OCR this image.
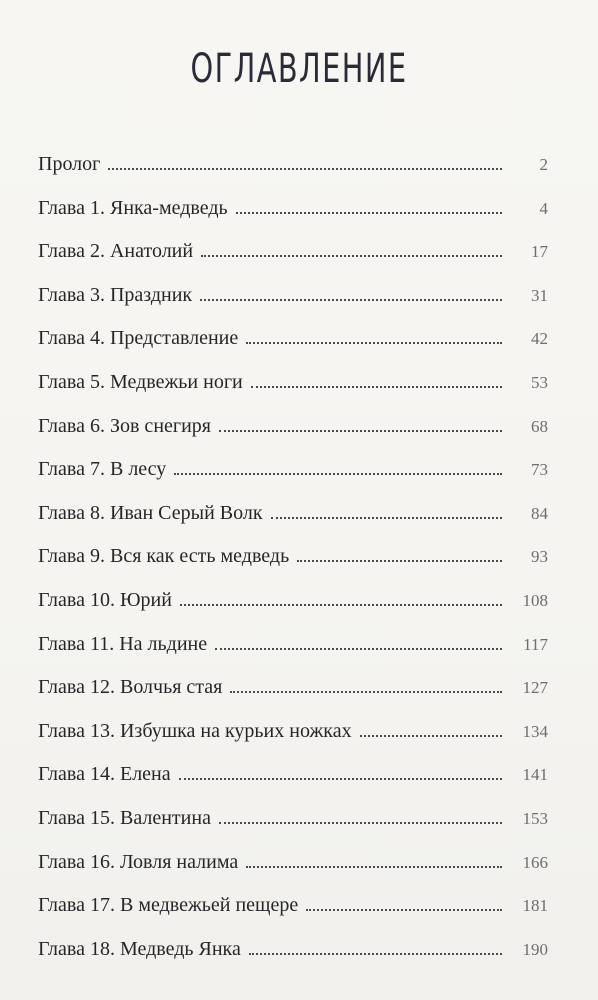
ОГЛАВЛЕНИЕ
Пролог	2
Глава 1. Янка-медведь	4
Глава 2. Анатолий	17
Глава 3. Праздник	31
Глава 4. Представление	42
Глава 5. Медвежьи ноги	53
Глава 6. Зов снегиря	68
Глава 7. В лесу	73
Глава 8. Иван Серый Волк	84
Глава 9. Вся как есть медведь	93
Глава 10. Юрий	108
Глава 11. На льдине	117
Глава 12. Волчья стая	127
Глава 13. Избушка на курьих ножках	134
Глава 14. Елена	141
Глава 15. Валентина	153
Глава 16. Ловля налима	166
Глава 17. В медвежьей пещере	181
Глава 18. Медведь Янка	190
